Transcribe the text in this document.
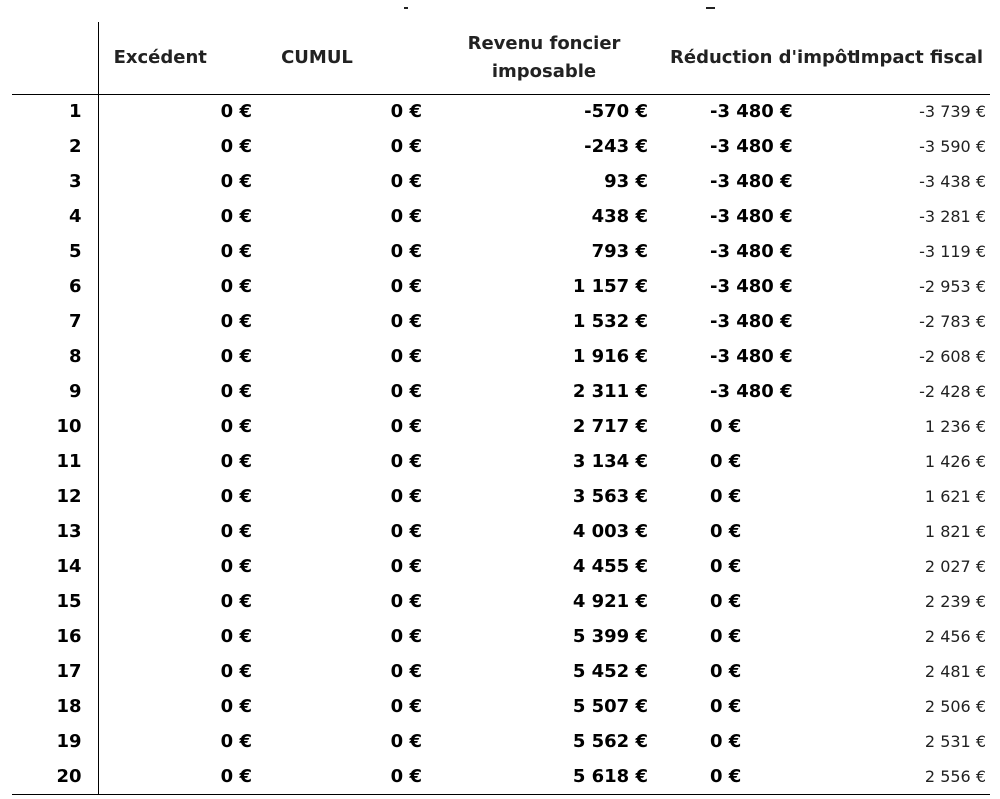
	Excédent	CUMUL	Revenu foncier
imposable	Réduction d'impôt	Impact fiscal
1	0 €	0 €	-570 €	-3 480 €	-3 739 €
2	0 €	0 €	-243 €	-3 480 €	-3 590 €
3	0 €	0 €	93 €	-3 480 €	-3 438 €
4	0 €	0 €	438 €	-3 480 €	-3 281 €
5	0 €	0 €	793 €	-3 480 €	-3 119 €
6	0 €	0 €	1 157 €	-3 480 €	-2 953 €
7	0 €	0 €	1 532 €	-3 480 €	-2 783 €
8	0 €	0 €	1 916 €	-3 480 €	-2 608 €
9	0 €	0 €	2 311 €	-3 480 €	-2 428 €
10	0 €	0 €	2 717 €	0 €	1 236 €
11	0 €	0 €	3 134 €	0 €	1 426 €
12	0 €	0 €	3 563 €	0 €	1 621 €
13	0 €	0 €	4 003 €	0 €	1 821 €
14	0 €	0 €	4 455 €	0 €	2 027 €
15	0 €	0 €	4 921 €	0 €	2 239 €
16	0 €	0 €	5 399 €	0 €	2 456 €
17	0 €	0 €	5 452 €	0 €	2 481 €
18	0 €	0 €	5 507 €	0 €	2 506 €
19	0 €	0 €	5 562 €	0 €	2 531 €
20	0 €	0 €	5 618 €	0 €	2 556 €
